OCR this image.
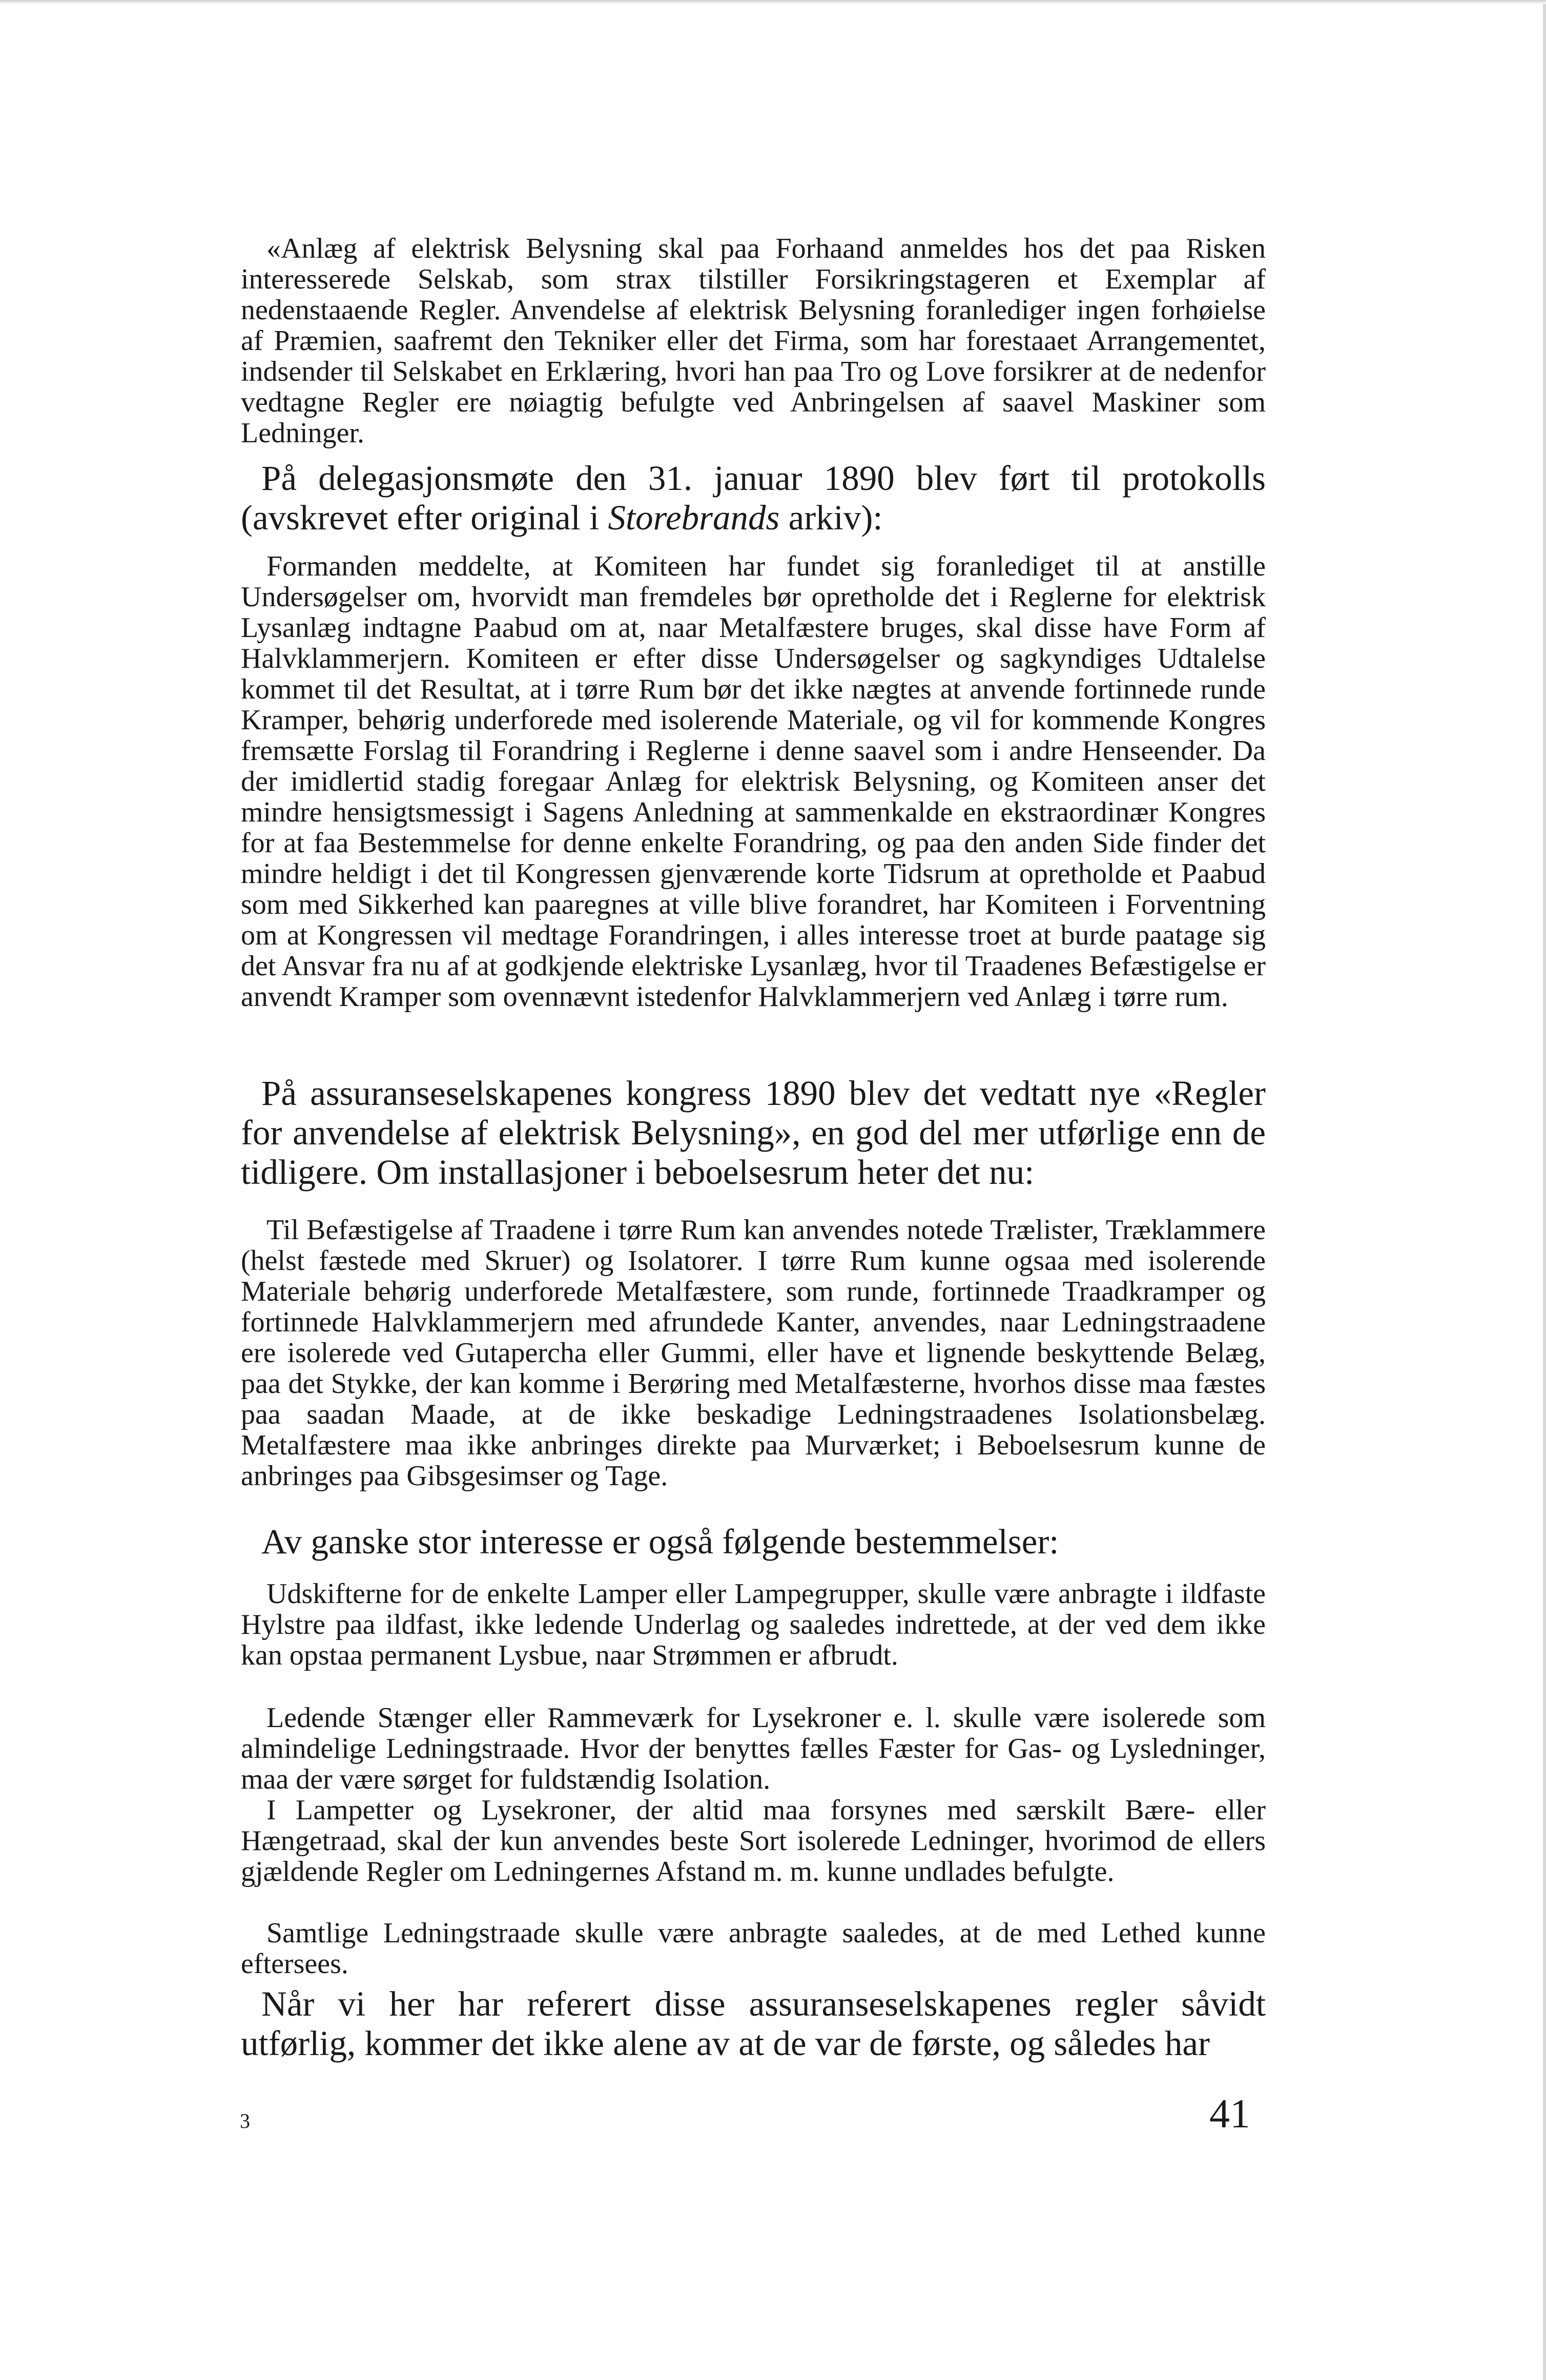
«Anlæg af elektrisk Belysning skal paa Forhaand anmeldes hos det paa Risken interesserede Selskab, som strax tilstiller Forsikringstageren et Exemplar af nedenstaaende Regler. Anvendelse af elektrisk Belysning foranlediger ingen forhøielse af Præmien, saafremt den Tekniker eller det Firma, som har forestaaet Arrangementet, indsender til Selskabet en Erklæring, hvori han paa Tro og Love forsikrer at de nedenfor vedtagne Regler ere nøiagtig befulgte ved Anbringelsen af saavel Maskiner som Ledninger.

På delegasjonsmøte den 31. januar 1890 blev ført til protokolls (avskrevet efter original i Storebrands arkiv):

Formanden meddelte, at Komiteen har fundet sig foranlediget til at anstille Undersøgelser om, hvorvidt man fremdeles bør opretholde det i Reglerne for elektrisk Lysanlæg indtagne Paabud om at, naar Metalfæstere bruges, skal disse have Form af Halvklammerjern. Komiteen er efter disse Undersøgelser og sagkyndiges Udtalelse kommet til det Resultat, at i tørre Rum bør det ikke nægtes at anvende fortinnede runde Kramper, behørig underforede med isolerende Materiale, og vil for kommende Kongres fremsætte Forslag til Forandring i Reglerne i denne saavel som i andre Henseender. Da der imidlertid stadig foregaar Anlæg for elektrisk Belysning, og Komiteen anser det mindre hensigtsmessigt i Sagens Anledning at sammenkalde en ekstraordinær Kongres for at faa Bestemmelse for denne enkelte Forandring, og paa den anden Side finder det mindre heldigt i det til Kongressen gjenværende korte Tidsrum at opretholde et Paabud som med Sikkerhed kan paaregnes at ville blive forandret, har Komiteen i Forventning om at Kongressen vil medtage Forandringen, i alles interesse troet at burde paatage sig det Ansvar fra nu af at godkjende elektriske Lysanlæg, hvor til Traadenes Befæstigelse er anvendt Kramper som ovennævnt istedenfor Halvklammerjern ved Anlæg i tørre rum.

På assuranseselskapenes kongress 1890 blev det vedtatt nye «Regler for anvendelse af elektrisk Belysning», en god del mer utførlige enn de tidligere. Om installasjoner i beboelsesrum heter det nu:

Til Befæstigelse af Traadene i tørre Rum kan anvendes notede Trælister, Træklammere (helst fæstede med Skruer) og Isolatorer. I tørre Rum kunne ogsaa med isolerende Materiale behørig underforede Metalfæstere, som runde, fortinnede Traadkramper og fortinnede Halvklammerjern med afrundede Kanter, anvendes, naar Ledningstraadene ere isolerede ved Gutapercha eller Gummi, eller have et lignende beskyttende Belæg, paa det Stykke, der kan komme i Berøring med Metalfæsterne, hvorhos disse maa fæstes paa saadan Maade, at de ikke beskadige Ledningstraadenes Isolationsbelæg. Metalfæstere maa ikke anbringes direkte paa Murværket; i Beboelsesrum kunne de anbringes paa Gibsgesimser og Tage.

Av ganske stor interesse er også følgende bestemmelser:

Udskifterne for de enkelte Lamper eller Lampegrupper, skulle være anbragte i ildfaste Hylstre paa ildfast, ikke ledende Underlag og saaledes indrettede, at der ved dem ikke kan opstaa permanent Lysbue, naar Strømmen er afbrudt.

Ledende Stænger eller Rammeværk for Lysekroner e. l. skulle være isolerede som almindelige Ledningstraade. Hvor der benyttes fælles Fæster for Gas- og Lysledninger, maa der være sørget for fuldstændig Isolation.

I Lampetter og Lysekroner, der altid maa forsynes med særskilt Bære- eller Hængetraad, skal der kun anvendes beste Sort isolerede Ledninger, hvorimod de ellers gjældende Regler om Ledningernes Afstand m. m. kunne undlades befulgte.

Samtlige Ledningstraade skulle være anbragte saaledes, at de med Lethed kunne eftersees.

Når vi her har referert disse assuranseselskapenes regler såvidt utførlig, kommer det ikke alene av at de var de første, og således har

3	41
